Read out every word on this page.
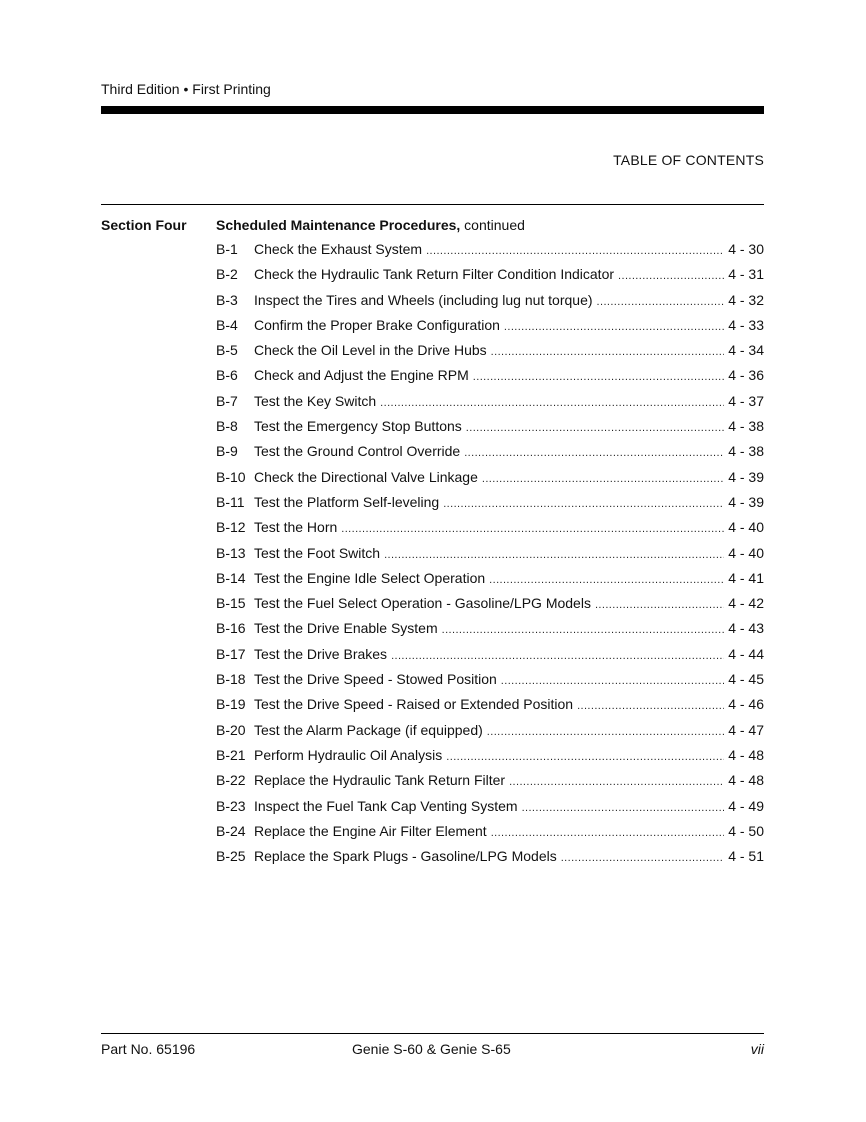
Third Edition • First Printing
TABLE OF CONTENTS
Section Four Scheduled Maintenance Procedures, continued
B-1	Check the Exhaust System .....	4 - 30
B-2	Check the Hydraulic Tank Return Filter Condition Indicator .....	4 - 31
B-3	Inspect the Tires and Wheels (including lug nut torque) .....	4 - 32
B-4	Confirm the Proper Brake Configuration .....	4 - 33
B-5	Check the Oil Level in the Drive Hubs .....	4 - 34
B-6	Check and Adjust the Engine RPM .....	4 - 36
B-7	Test the Key Switch .....	4 - 37
B-8	Test the Emergency Stop Buttons .....	4 - 38
B-9	Test the Ground Control Override .....	4 - 38
B-10 Check the Directional Valve Linkage .....	4 - 39
B-11 Test the Platform Self-leveling .....	4 - 39
B-12 Test the Horn .....	4 - 40
B-13 Test the Foot Switch .....	4 - 40
B-14 Test the Engine Idle Select Operation .....	4 - 41
B-15 Test the Fuel Select Operation - Gasoline/LPG Models .....	4 - 42
B-16 Test the Drive Enable System .....	4 - 43
B-17 Test the Drive Brakes .....	4 - 44
B-18 Test the Drive Speed - Stowed Position .....	4 - 45
B-19 Test the Drive Speed - Raised or Extended Position .....	4 - 46
B-20 Test the Alarm Package (if equipped) .....	4 - 47
B-21 Perform Hydraulic Oil Analysis .....	4 - 48
B-22 Replace the Hydraulic Tank Return Filter .....	4 - 48
B-23 Inspect the Fuel Tank Cap Venting System .....	4 - 49
B-24 Replace the Engine Air Filter Element .....	4 - 50
B-25 Replace the Spark Plugs - Gasoline/LPG Models .....	4 - 51
Part No. 65196	Genie S-60 & Genie S-65	vii
